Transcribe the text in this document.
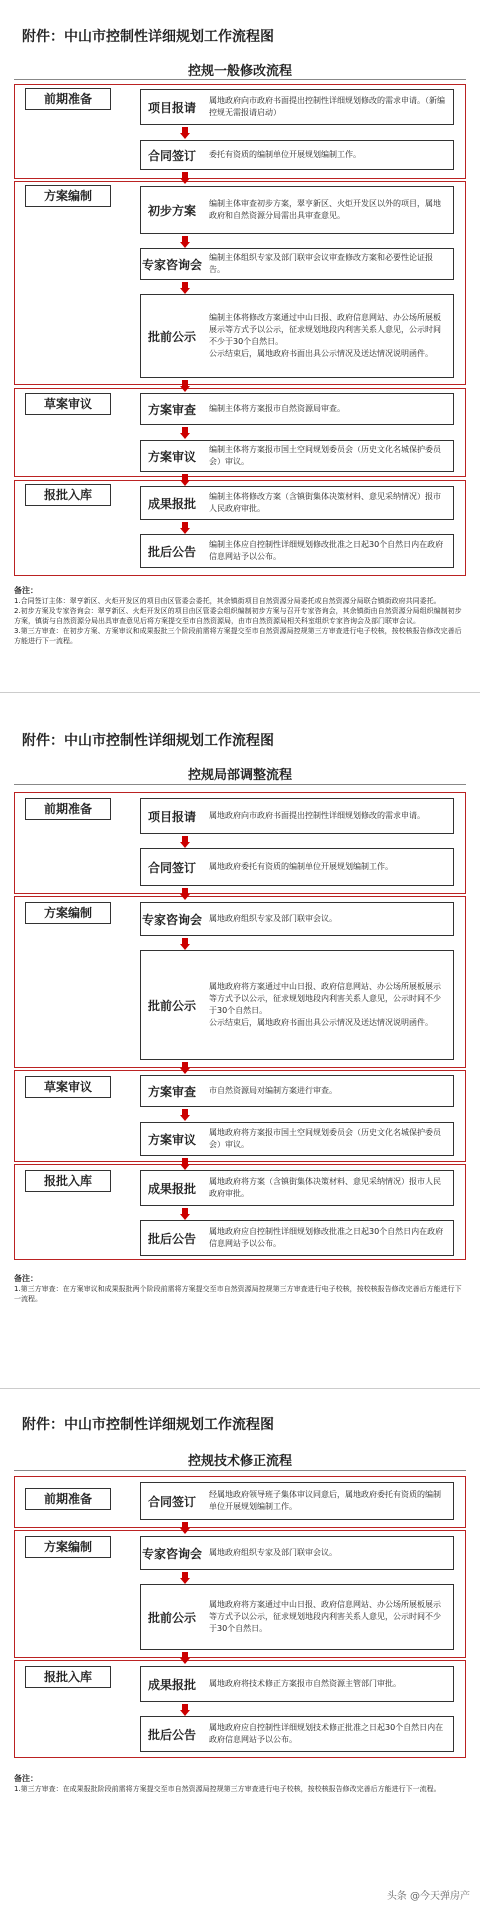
附件：中山市控制性详细规划工作流程图
控规一般修改流程
前期准备
方案编制
草案审议
报批入库
项目报请	属地政府向市政府书面提出控制性详细规划修改的需求申请。（新编控规无需报请启动）
合同签订	委托有资质的编制单位开展规划编制工作。
初步方案	编制主体审查初步方案，翠亨新区、火炬开发区以外的项目，属地政府和自然资源分局需出具审查意见。
专家咨询会 编制主体组织专家及部门联审会议审查修改方案和必要性论证报告。
批前公示
编制主体将修改方案通过中山日报、政府信息网站、办公场所展板展示等方式予以公示，征求规划地段内利害关系人意见，公示时间不少于30个自然日。
公示结束后，属地政府书面出具公示情况及送达情况说明函件。
方案审查	编制主体将方案报市自然资源局审查。
方案审议	编制主体将方案报市国土空间规划委员会（历史文化名城保护委员会）审议。
成果报批	编制主体将修改方案（含镇街集体决策材料、意见采纳情况）报市人民政府审批。
批后公告	编制主体应自控制性详细规划修改批准之日起30个自然日内在政府信息网站予以公布。
备注：
1.合同签订主体：翠亨新区、火炬开发区的项目由区管委会委托，其余镇街项目自然资源分局委托或自然资源分局联合镇街政府共同委托。
2.初步方案及专家咨询会：翠亨新区、火炬开发区的项目由区管委会组织编制初步方案与召开专家咨询会，其余镇街由自然资源分局组织编制初步方案，镇街与自然资源分局出具审查意见后将方案提交至市自然资源局，由市自然资源局相关科室组织专家咨询会及部门联审会议。
3.第三方审查：在初步方案、方案审议和成果报批三个阶段前需将方案提交至市自然资源局控规第三方审查进行电子校核，按校核报告修改完善后方能进行下一流程。
附件：中山市控制性详细规划工作流程图
控规局部调整流程
前期准备
方案编制
草案审议
报批入库
项目报请	属地政府向市政府书面提出控制性详细规划修改的需求申请。
合同签订	属地政府委托有资质的编制单位开展规划编制工作。
专家咨询会 属地政府组织专家及部门联审会议。
批前公示
属地政府将方案通过中山日报、政府信息网站、办公场所展板展示等方式予以公示，征求规划地段内利害关系人意见，公示时间不少于30个自然日。
公示结束后，属地政府书面出具公示情况及送达情况说明函件。
方案审查	市自然资源局对编制方案进行审查。
方案审议	属地政府将方案报市国土空间规划委员会（历史文化名城保护委员会）审议。
成果报批	属地政府将方案（含镇街集体决策材料、意见采纳情况）报市人民政府审批。
批后公告	属地政府应自控制性详细规划修改批准之日起30个自然日内在政府信息网站予以公布。
备注：
1.第三方审查：在方案审议和成果报批两个阶段前需将方案提交至市自然资源局控规第三方审查进行电子校核，按校核报告修改完善后方能进行下一流程。
附件：中山市控制性详细规划工作流程图
控规技术修正流程
前期准备
方案编制
报批入库
合同签订	经属地政府领导班子集体审议同意后，属地政府委托有资质的编制单位开展规划编制工作。
专家咨询会 属地政府组织专家及部门联审会议。
批前公示
属地政府将方案通过中山日报、政府信息网站、办公场所展板展示等方式予以公示，征求规划地段内利害关系人意见，公示时间不少于30个自然日。
成果报批	属地政府将技术修正方案报市自然资源主管部门审批。
批后公告	属地政府应自控制性详细规划技术修正批准之日起30个自然日内在政府信息网站予以公布。
备注：
1.第三方审查：在成果报批阶段前需将方案提交至市自然资源局控规第三方审查进行电子校核，按校核报告修改完善后方能进行下一流程。
头条 @今天弹房产
